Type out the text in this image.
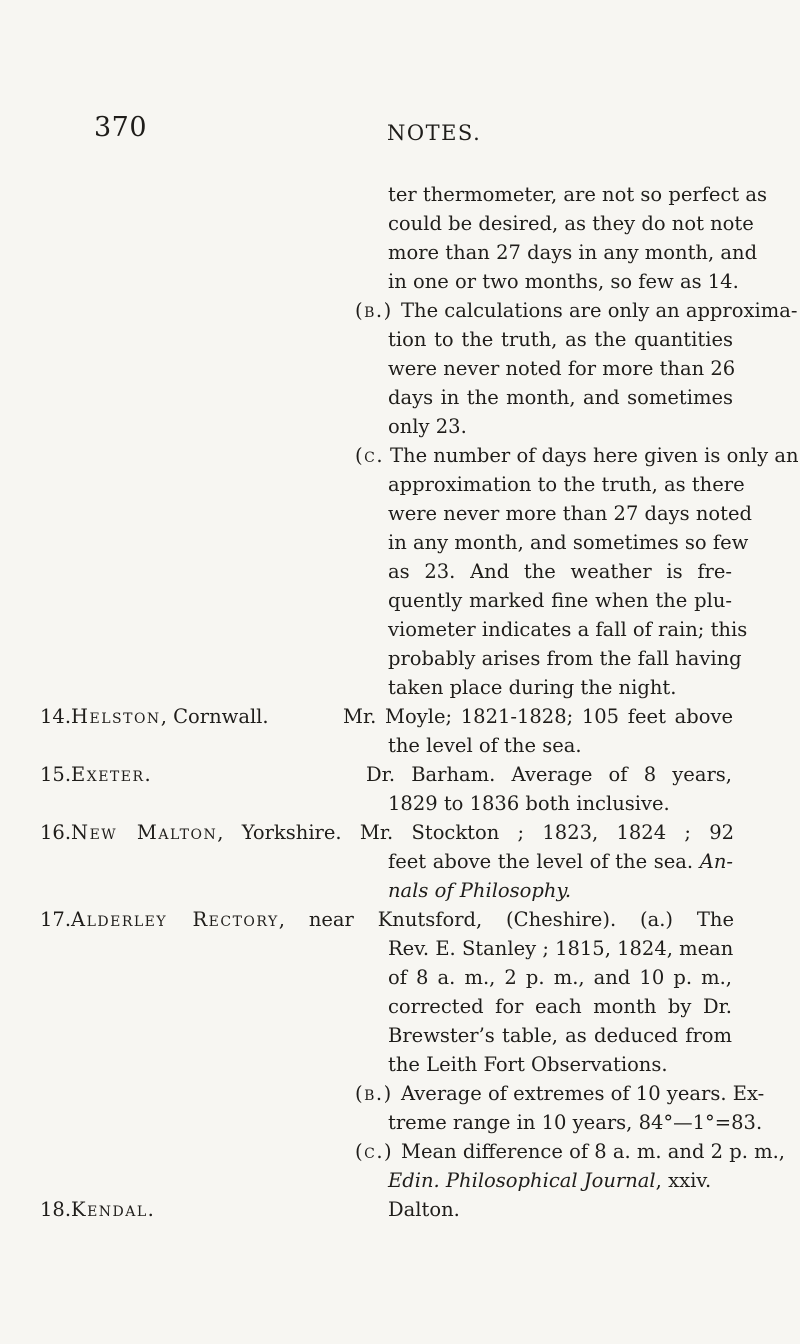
370	NOTES.
ter thermometer, are not so perfect as
could be desired, as they do not note
more than 27 days in any month, and
in one or two months, so few as 14.
(b.) The calculations are only an approxima-
tion to the truth, as the quantities
were never noted for more than 26
days in the month, and sometimes
only 23.
(c. The number of days here given is only an
approximation to the truth, as there
were never more than 27 days noted
in any month, and sometimes so few
as 23. And the weather is fre-
quently marked fine when the plu-
viometer indicates a fall of rain; this
probably arises from the fall having
taken place during the night.
14. Helston, Cornwall.	Mr. Moyle; 1821-1828; 105 feet above
the level of the sea.
15. Exeter.	Dr. Barham. Average of 8 years,
1829 to 1836 both inclusive.
16. New Malton, Yorkshire. Mr. Stockton ; 1823, 1824 ; 92
feet above the level of the sea. An-
nals of Philosophy.
17. Alderley Rectory, near Knutsford, (Cheshire). (a.) The
Rev. E. Stanley ; 1815, 1824, mean
of 8 a. m., 2 p. m., and 10 p. m.,
corrected for each month by Dr.
Brewster’s table, as deduced from
the Leith Fort Observations.
(b.) Average of extremes of 10 years. Ex-
treme range in 10 years, 84°—1°=83.
(c.) Mean difference of 8 a. m. and 2 p. m.,
Edin. Philosophical Journal, xxiv.
18. Kendal.	Dalton.
